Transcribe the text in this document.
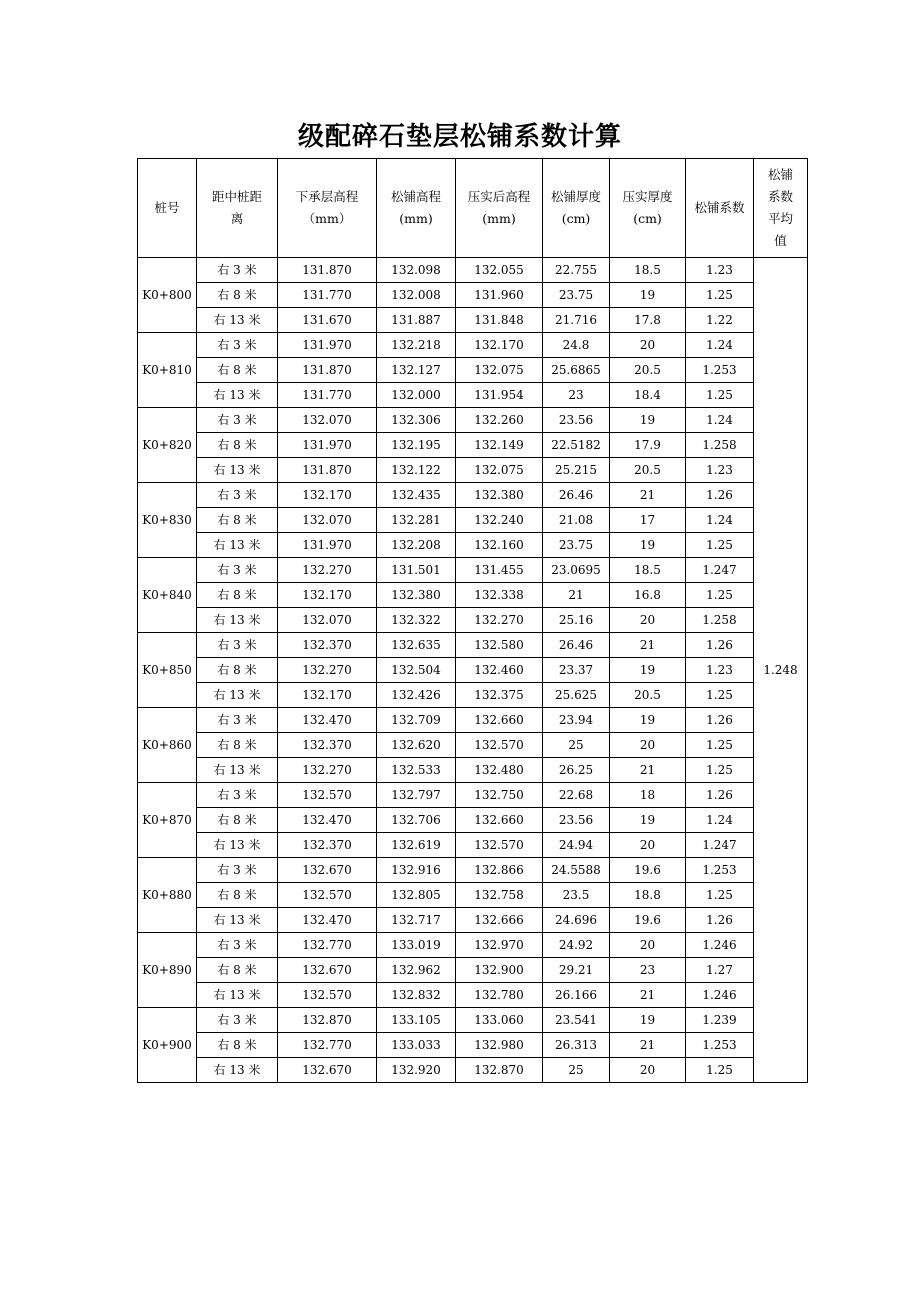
级配碎石垫层松铺系数计算
桩号	距中桩距离	下承层高程（mm）	松铺高程(mm)	压实后高程(mm)	松铺厚度(cm)	压实厚度(cm)	松铺系数	松铺系数平均值
K0+800	右 3 米	131.870	132.098	132.055	22.755	18.5	1.23	1.248
	右 8 米	131.770	132.008	131.960	23.75	19	1.25	
	右 13 米	131.670	131.887	131.848	21.716	17.8	1.22	
K0+810	右 3 米	131.970	132.218	132.170	24.8	20	1.24	
	右 8 米	131.870	132.127	132.075	25.6865	20.5	1.253	
	右 13 米	131.770	132.000	131.954	23	18.4	1.25	
K0+820	右 3 米	132.070	132.306	132.260	23.56	19	1.24	
	右 8 米	131.970	132.195	132.149	22.5182	17.9	1.258	
	右 13 米	131.870	132.122	132.075	25.215	20.5	1.23	
K0+830	右 3 米	132.170	132.435	132.380	26.46	21	1.26	
	右 8 米	132.070	132.281	132.240	21.08	17	1.24	
	右 13 米	131.970	132.208	132.160	23.75	19	1.25	
K0+840	右 3 米	132.270	131.501	131.455	23.0695	18.5	1.247	
	右 8 米	132.170	132.380	132.338	21	16.8	1.25	
	右 13 米	132.070	132.322	132.270	25.16	20	1.258	
K0+850	右 3 米	132.370	132.635	132.580	26.46	21	1.26	
	右 8 米	132.270	132.504	132.460	23.37	19	1.23	
	右 13 米	132.170	132.426	132.375	25.625	20.5	1.25	
K0+860	右 3 米	132.470	132.709	132.660	23.94	19	1.26	
	右 8 米	132.370	132.620	132.570	25	20	1.25	
	右 13 米	132.270	132.533	132.480	26.25	21	1.25	
K0+870	右 3 米	132.570	132.797	132.750	22.68	18	1.26	
	右 8 米	132.470	132.706	132.660	23.56	19	1.24	
	右 13 米	132.370	132.619	132.570	24.94	20	1.247	
K0+880	右 3 米	132.670	132.916	132.866	24.5588	19.6	1.253	
	右 8 米	132.570	132.805	132.758	23.5	18.8	1.25	
	右 13 米	132.470	132.717	132.666	24.696	19.6	1.26	
K0+890	右 3 米	132.770	133.019	132.970	24.92	20	1.246	
	右 8 米	132.670	132.962	132.900	29.21	23	1.27	
	右 13 米	132.570	132.832	132.780	26.166	21	1.246	
K0+900	右 3 米	132.870	133.105	133.060	23.541	19	1.239	
	右 8 米	132.770	133.033	132.980	26.313	21	1.253	
	右 13 米	132.670	132.920	132.870	25	20	1.25	
